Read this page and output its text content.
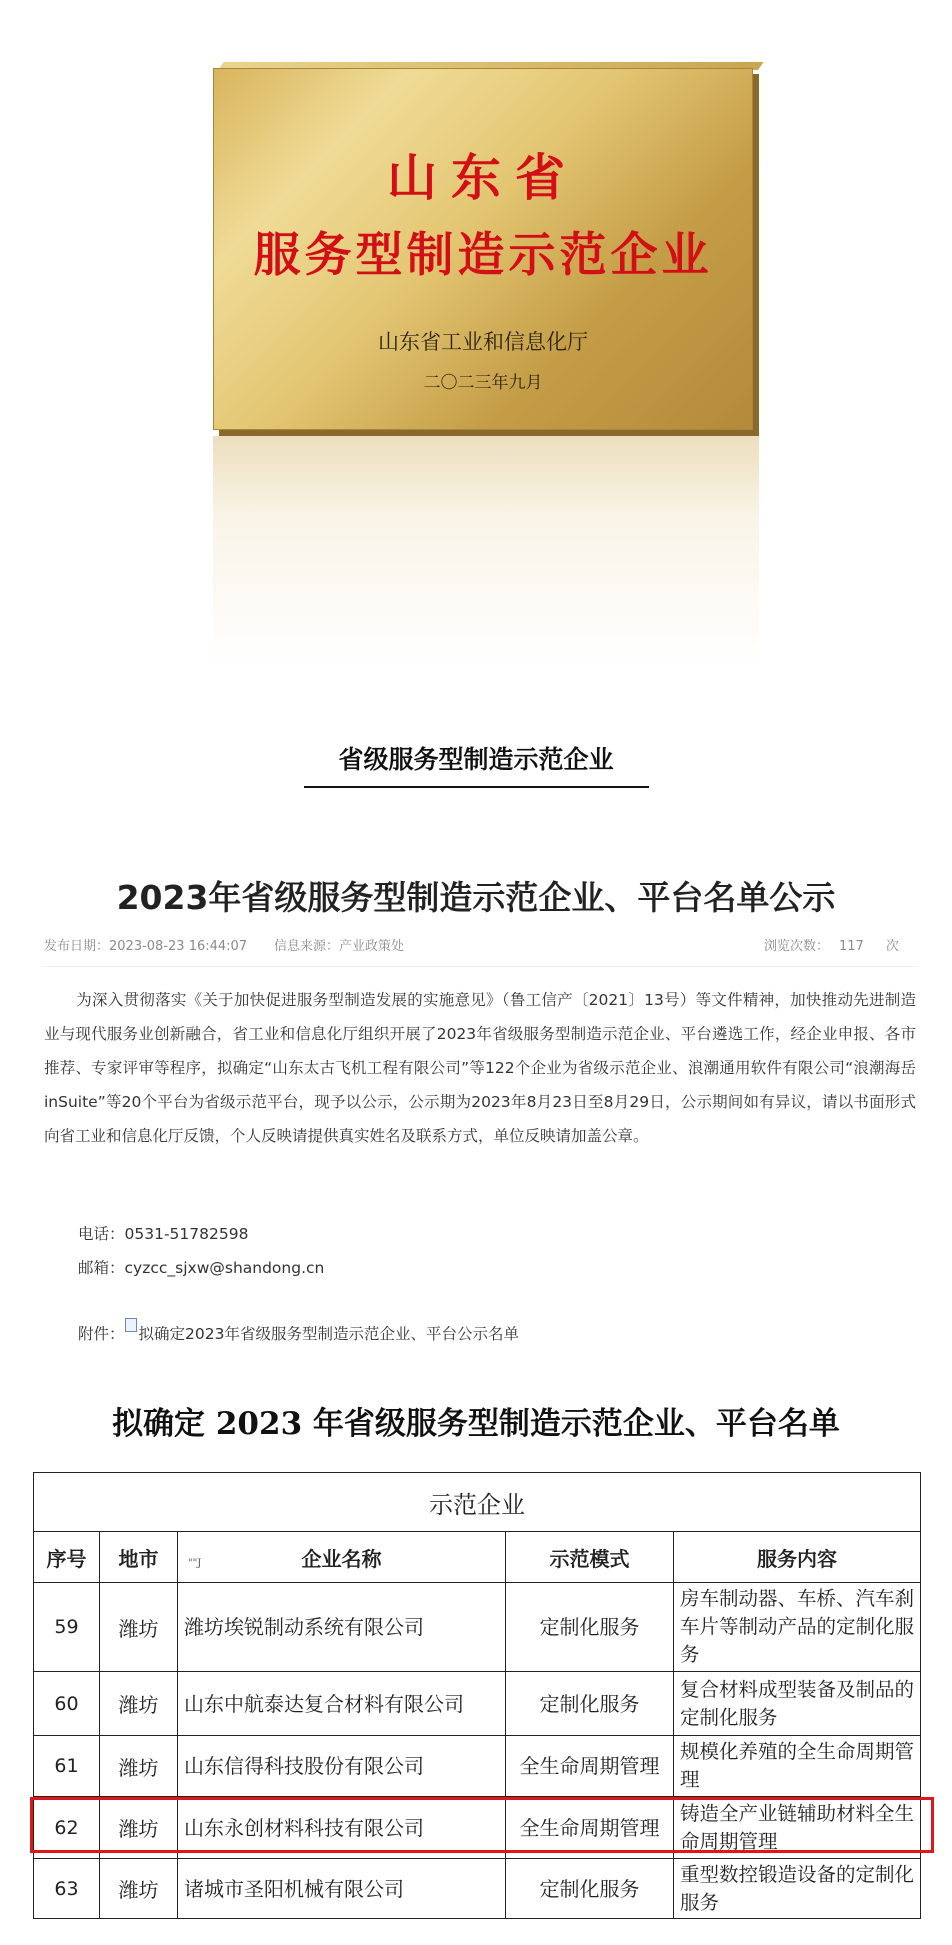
山东省
服务型制造示范企业
山东省工业和信息化厅
二〇二三年九月
省级服务型制造示范企业
2023年省级服务型制造示范企业、平台名单公示
发布日期：2023-08-23 16:44:07 信息来源：产业政策处	浏览次数： 117 次
为深入贯彻落实《关于加快促进服务型制造发展的实施意见》（鲁工信产〔2021〕13号）等文件精神，加快推动先进制造业与现代服务业创新融合，省工业和信息化厅组织开展了2023年省级服务型制造示范企业、平台遴选工作，经企业申报、各市推荐、专家评审等程序，拟确定“山东太古飞机工程有限公司”等122个企业为省级示范企业、浪潮通用软件有限公司“浪潮海岳inSuite”等20个平台为省级示范平台，现予以公示，公示期为2023年8月23日至8月29日，公示期间如有异议，请以书面形式向省工业和信息化厅反馈，个人反映请提供真实姓名及联系方式，单位反映请加盖公章。
电话：0531-51782598
邮箱：cyzcc_sjxw@shandong.cn
附件： 拟确定2023年省级服务型制造示范企业、平台公示名单
拟确定 2023 年省级服务型制造示范企业、平台名单
示范企业				
序号	地市	""J 企业名称	示范模式	服务内容
59	潍坊	潍坊埃锐制动系统有限公司	定制化服务	房车制动器、车桥、汽车刹车片等制动产品的定制化服务
60	潍坊	山东中航泰达复合材料有限公司	定制化服务	复合材料成型装备及制品的定制化服务
61	潍坊	山东信得科技股份有限公司	全生命周期管理	规模化养殖的全生命周期管理
62	潍坊	山东永创材料科技有限公司	全生命周期管理	铸造全产业链辅助材料全生命周期管理
63	潍坊	诸城市圣阳机械有限公司	定制化服务	重型数控锻造设备的定制化服务
